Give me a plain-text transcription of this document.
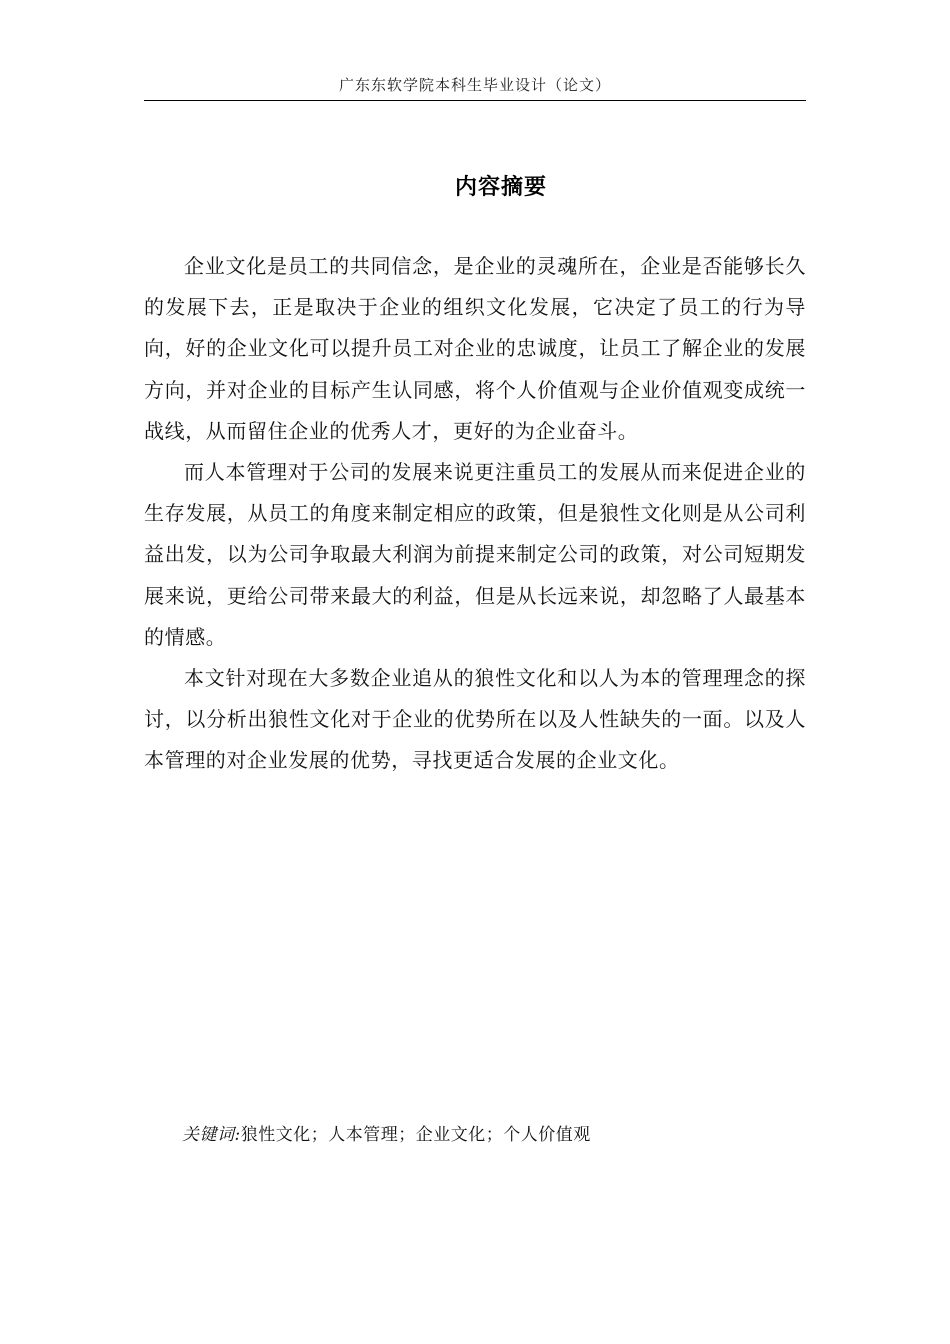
广东东软学院本科生毕业设计（论文）
内容摘要

企业文化是员工的共同信念，是企业的灵魂所在，企业是否能够长久的发展下去，正是取决于企业的组织文化发展，它决定了员工的行为导向，好的企业文化可以提升员工对企业的忠诚度，让员工了解企业的发展方向，并对企业的目标产生认同感，将个人价值观与企业价值观变成统一战线，从而留住企业的优秀人才，更好的为企业奋斗。

而人本管理对于公司的发展来说更注重员工的发展从而来促进企业的生存发展，从员工的角度来制定相应的政策，但是狼性文化则是从公司利益出发，以为公司争取最大利润为前提来制定公司的政策，对公司短期发展来说，更给公司带来最大的利益，但是从长远来说，却忽略了人最基本的情感。

本文针对现在大多数企业追从的狼性文化和以人为本的管理理念的探讨，以分析出狼性文化对于企业的优势所在以及人性缺失的一面。以及人本管理的对企业发展的优势，寻找更适合发展的企业文化。

关键词:狼性文化；人本管理；企业文化；个人价值观
